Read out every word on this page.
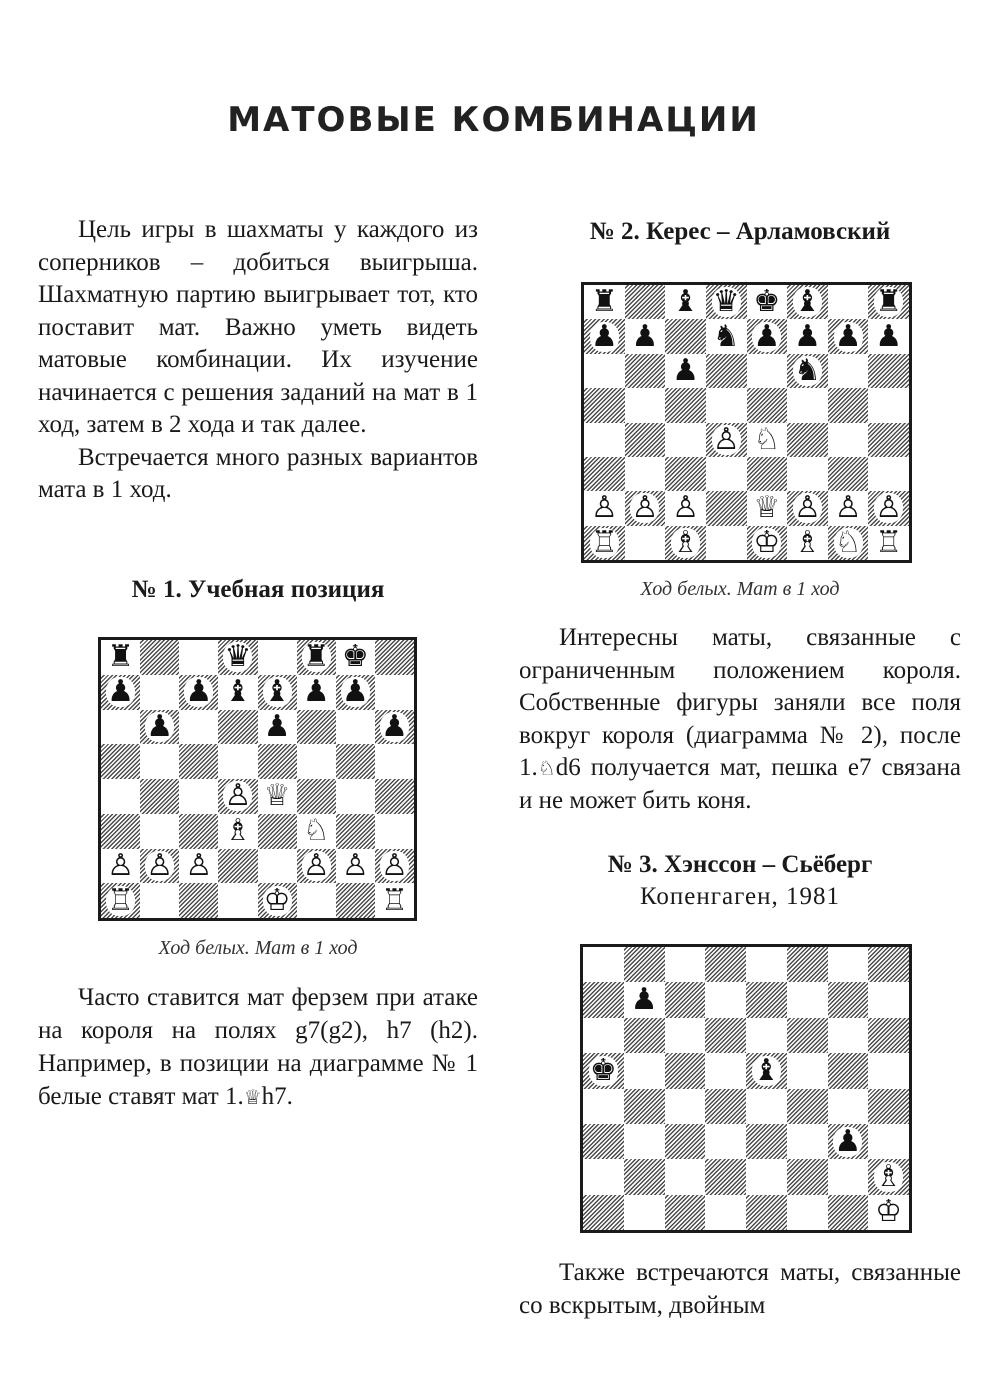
МАТОВЫЕ КОМБИНАЦИИ

Цель игры в шахматы у каждого из соперников – добиться выигрыша. Шахматную партию выигрывает тот, кто поставит мат. Важно уметь видеть матовые комбинации. Их изучение начинается с решения заданий на мат в 1 ход, затем в 2 хода и так далее.

Встречается много разных вариантов мата в 1 ход.

№ 1. Учебная позиция
♜	♛ ♜ ♚
♟ ♟ ♝ ♝ ♟ ♟
♟	♟	♟
♙ ♕
♗ ♘
♙ ♙ ♙	♙ ♙ ♙
♖	♔	♖
Ход белых. Мат в 1 ход

Часто ставится мат ферзем при атаке на короля на полях g7(g2), h7 (h2). Например, в позиции на диаграмме № 1 белые ставят мат 1.♕h7.

№ 2. Керес – Арламовский
♜ ♝ ♛ ♚ ♝ ♜
♟ ♟ ♞ ♟ ♟ ♟ ♟
♟	♞
♙ ♘
♙ ♙ ♙ ♕ ♙ ♙ ♙
♖ ♗ ♔ ♗ ♘ ♖
Ход белых. Мат в 1 ход

Интересны маты, связанные с ограниченным положением короля. Собственные фигуры заняли все поля вокруг короля (диаграмма № 2), после 1.♘d6 получается мат, пешка е7 связана и не может бить коня.

№ 3. Хэнссон – Сьёберг
Копенгаген, 1981
♟
♚	♝
♟
♗
♔

Также встречаются маты, связанные со вскрытым, двойным
